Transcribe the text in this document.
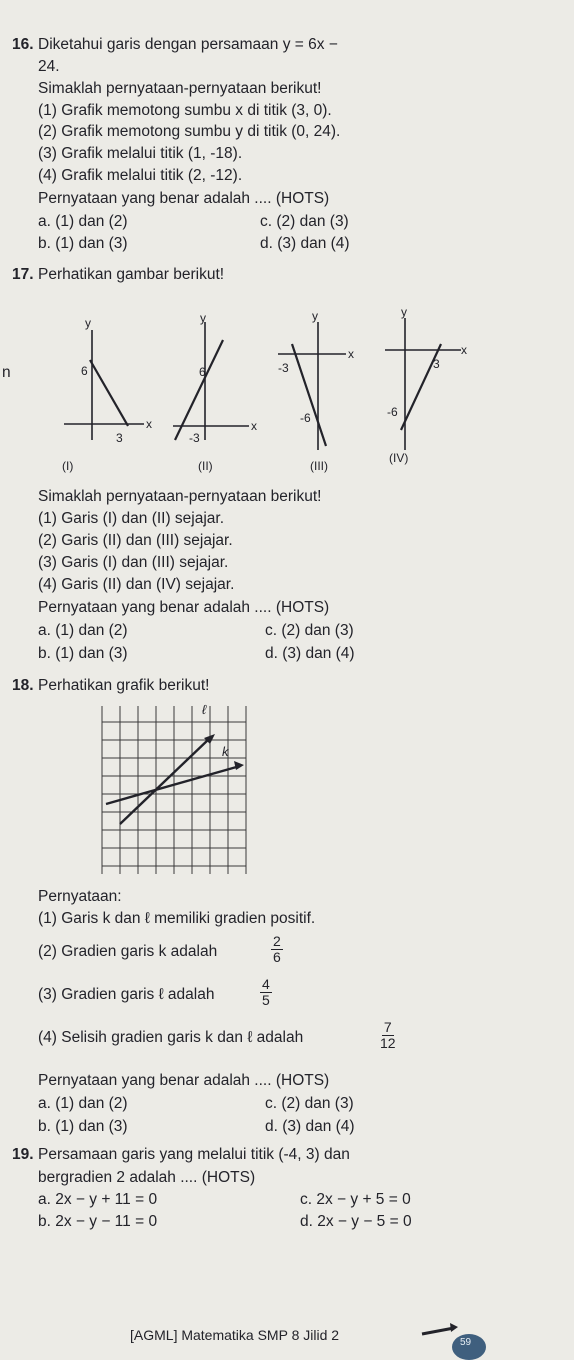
16. Diketahui garis dengan persamaan y = 6x −
24.
Simaklah pernyataan-pernyataan berikut!
(1) Grafik memotong sumbu x di titik (3, 0).
(2) Grafik memotong sumbu y di titik (0, 24).
(3) Grafik melalui titik (1, -18).
(4) Grafik melalui titik (2, -12).
Pernyataan yang benar adalah .... (HOTS)
a. (1) dan (2)	c. (2) dan (3)
b. (1) dan (3)	d. (3) dan (4)
17. Perhatikan gambar berikut!
n
y
x
6
3
(I)
y
x
6
-3
(II)
y
x
-3
-6
(III)
y
x
3
-6
(IV)
Simaklah pernyataan-pernyataan berikut!
(1) Garis (I) dan (II) sejajar.
(2) Garis (II) dan (III) sejajar.
(3) Garis (I) dan (III) sejajar.
(4) Garis (II) dan (IV) sejajar.
Pernyataan yang benar adalah .... (HOTS)
a. (1) dan (2)	c. (2) dan (3)
b. (1) dan (3)	d. (3) dan (4)
18. Perhatikan grafik berikut!
ℓ
k
Pernyataan:
(1) Garis k dan ℓ memiliki gradien positif.
(2) Gradien garis k adalah	$\frac{2}{6}$
(3) Gradien garis ℓ adalah	$\frac{4}{5}$
(4) Selisih gradien garis k dan ℓ adalah	$\frac{7}{12}$
Pernyataan yang benar adalah .... (HOTS)
a. (1) dan (2)	c. (2) dan (3)
b. (1) dan (3)	d. (3) dan (4)
19. Persamaan garis yang melalui titik (-4, 3) dan
bergradien 2 adalah .... (HOTS)
a. 2x − y + 11 = 0	c. 2x − y + 5 = 0
b. 2x − y − 11 = 0	d. 2x − y − 5 = 0
[AGML] Matematika SMP 8 Jilid 2	59
